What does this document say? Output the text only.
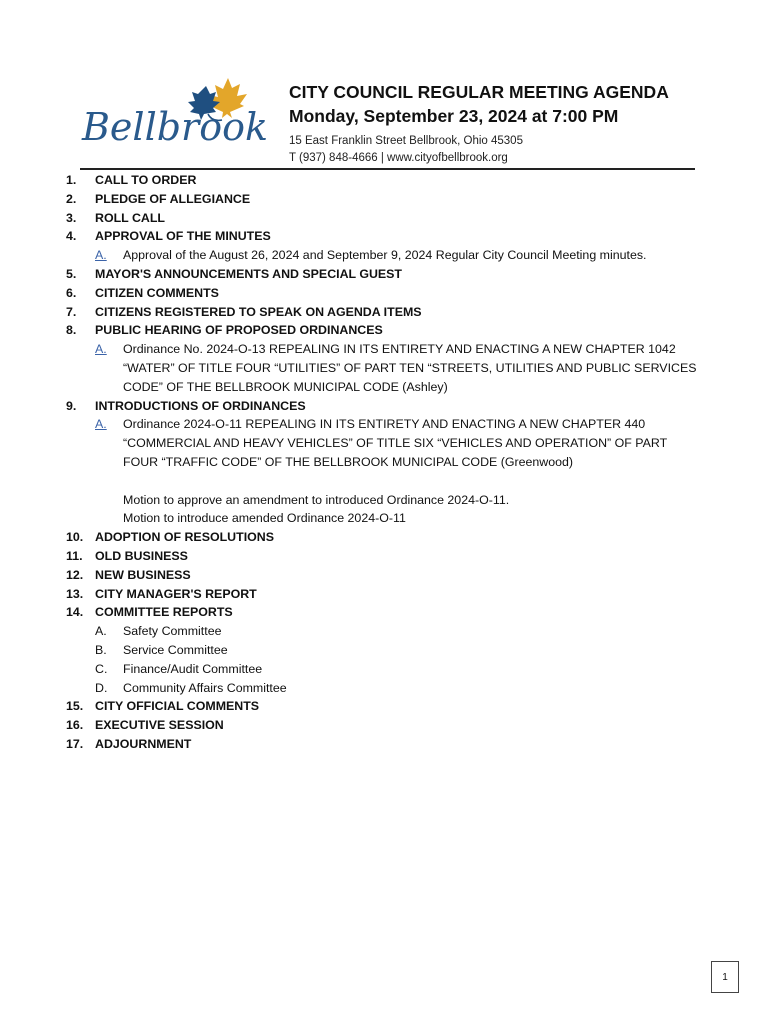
Bellbrook
CITY COUNCIL REGULAR MEETING AGENDA
Monday, September 23, 2024 at 7:00 PM
15 East Franklin Street Bellbrook, Ohio 45305
T (937) 848-4666 | www.cityofbellbrook.org
1.	CALL TO ORDER
2.	PLEDGE OF ALLEGIANCE
3.	ROLL CALL
4.	APPROVAL OF THE MINUTES
A.	Approval of the August 26, 2024 and September 9, 2024 Regular City Council Meeting minutes.
5.	MAYOR'S ANNOUNCEMENTS AND SPECIAL GUEST
6.	CITIZEN COMMENTS
7.	CITIZENS REGISTERED TO SPEAK ON AGENDA ITEMS
8.	PUBLIC HEARING OF PROPOSED ORDINANCES
A.	Ordinance No. 2024-O-13 REPEALING IN ITS ENTIRETY AND ENACTING A NEW CHAPTER 1042 “WATER” OF TITLE FOUR “UTILITIES” OF PART TEN “STREETS, UTILITIES AND PUBLIC SERVICES CODE” OF THE BELLBROOK MUNICIPAL CODE (Ashley)
9.	INTRODUCTIONS OF ORDINANCES
A.	Ordinance 2024-O-11 REPEALING IN ITS ENTIRETY AND ENACTING A NEW CHAPTER 440 “COMMERCIAL AND HEAVY VEHICLES” OF TITLE SIX “VEHICLES AND OPERATION” OF PART FOUR “TRAFFIC CODE” OF THE BELLBROOK MUNICIPAL CODE (Greenwood)
Motion to approve an amendment to introduced Ordinance 2024-O-11.
Motion to introduce amended Ordinance 2024-O-11
10. ADOPTION OF RESOLUTIONS
11.	OLD BUSINESS
12. NEW BUSINESS
13. CITY MANAGER'S REPORT
14. COMMITTEE REPORTS
A.	Safety Committee
B.	Service Committee
C.	Finance/Audit Committee
D.	Community Affairs Committee
15. CITY OFFICIAL COMMENTS
16. EXECUTIVE SESSION
17. ADJOURNMENT
1
